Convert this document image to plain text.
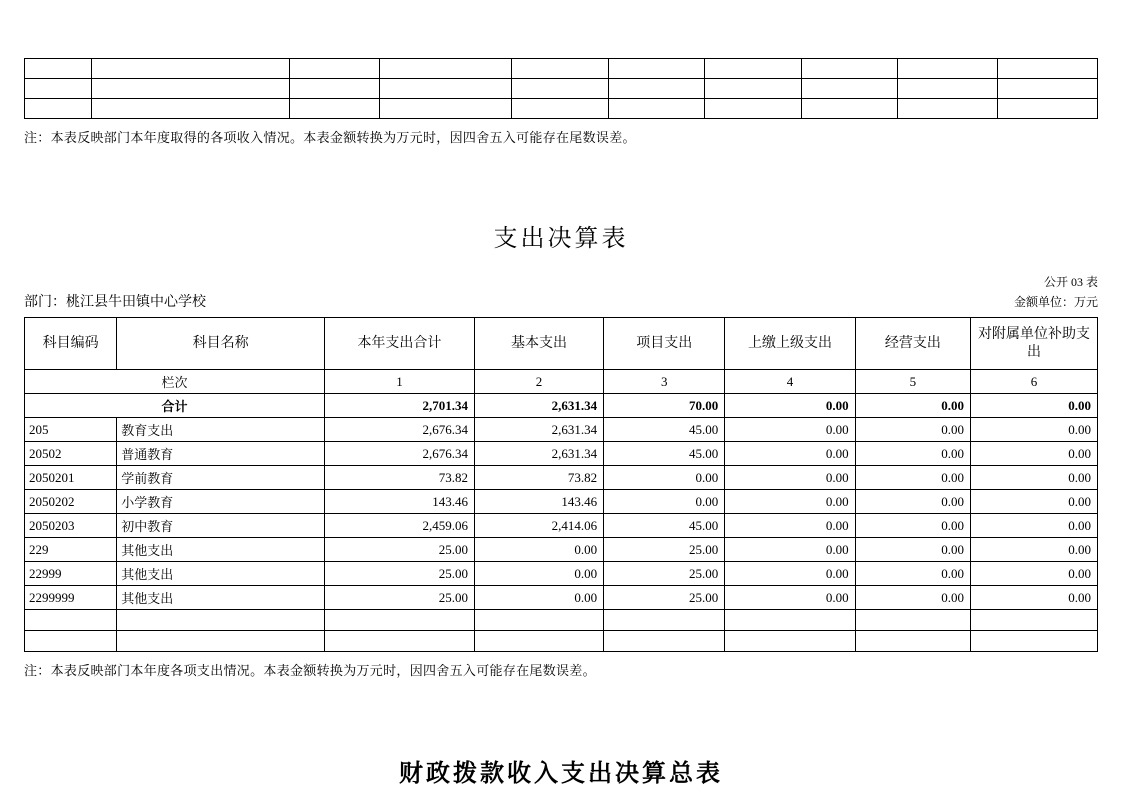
注：本表反映部门本年度取得的各项收入情况。本表金额转换为万元时，因四舍五入可能存在尾数误差。
支出决算表
公开 03 表
部门：桃江县牛田镇中心学校	金额单位：万元
科目编码	科目名称	本年支出合计	基本支出	项目支出	上缴上级支出	经营支出	对附属单位补助支出
栏次		1	2	3	4	5	6
合计		2,701.34	2,631.34	70.00	0.00	0.00	0.00
205	教育支出	2,676.34	2,631.34	45.00	0.00	0.00	0.00
20502	普通教育	2,676.34	2,631.34	45.00	0.00	0.00	0.00
2050201	学前教育	73.82	73.82	0.00	0.00	0.00	0.00
2050202	小学教育	143.46	143.46	0.00	0.00	0.00	0.00
2050203	初中教育	2,459.06	2,414.06	45.00	0.00	0.00	0.00
229	其他支出	25.00	0.00	25.00	0.00	0.00	0.00
22999	其他支出	25.00	0.00	25.00	0.00	0.00	0.00
2299999	其他支出	25.00	0.00	25.00	0.00	0.00	0.00

注：本表反映部门本年度各项支出情况。本表金额转换为万元时，因四舍五入可能存在尾数误差。
财政拨款收入支出决算总表
